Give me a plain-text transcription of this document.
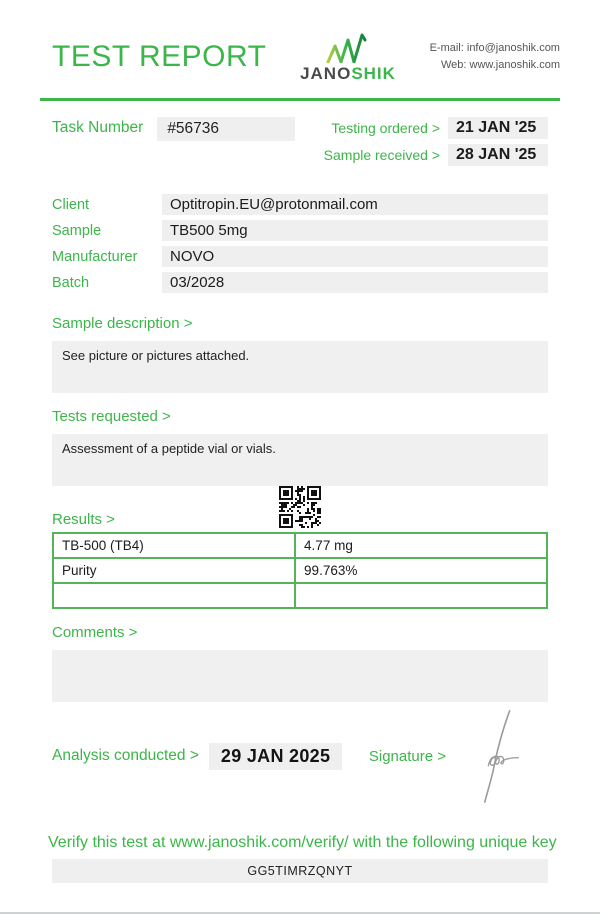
TEST REPORT JANOSHIK
E-mail: info@janoshik.com
Web: www.janoshik.com
Task Number	#56736	Testing ordered >	21 JAN '25
Sample received >	28 JAN '25
Client	Optitropin.EU@protonmail.com
Sample	TB500 5mg
Manufacturer	NOVO
Batch	03/2028
Sample description >
See picture or pictures attached.
Tests requested >
Assessment of a peptide vial or vials.
Results >
TB-500 (TB4)	4.77 mg
Purity	99.763%

Comments >
Analysis conducted >	29 JAN 2025	Signature >
Verify this test at www.janoshik.com/verify/ with the following unique key
GG5TIMRZQNYT
